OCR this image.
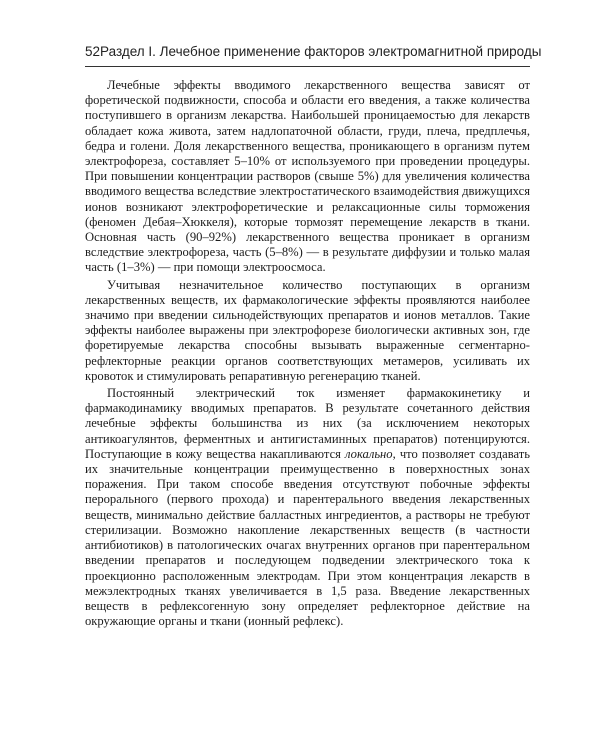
52 Раздел I. Лечебное применение факторов электромагнитной природы

Лечебные эффекты вводимого лекарственного вещества зависят от форетической подвижности, способа и области его введения, а также количества поступившего в организм лекарства. Наибольшей проницаемостью для лекарств обладает кожа живота, затем надлопаточной области, груди, плеча, предплечья, бедра и голени. Доля лекарственного вещества, проникающего в организм путем электрофореза, составляет 5–10% от используемого при проведении процедуры. При повышении концентрации растворов (свыше 5%) для увеличения количества вводимого вещества вследствие электростатического взаимодействия движущихся ионов возникают электрофоретические и релаксационные силы торможения (феномен Дебая–Хюккеля), которые тормозят перемещение лекарств в ткани. Основная часть (90–92%) лекарственного вещества проникает в организм вследствие электрофореза, часть (5–8%) — в результате диффузии и только малая часть (1–3%) — при помощи электроосмоса.

Учитывая незначительное количество поступающих в организм лекарственных веществ, их фармакологические эффекты проявляются наиболее значимо при введении сильнодействующих препаратов и ионов металлов. Такие эффекты наиболее выражены при электрофорезе биологически активных зон, где форетируемые лекарства способны вызывать выраженные сегментарно-рефлекторные реакции органов соответствующих метамеров, усиливать их кровоток и стимулировать репаративную регенерацию тканей.

Постоянный электрический ток изменяет фармакокинетику и фармакодинамику вводимых препаратов. В результате сочетанного действия лечебные эффекты большинства из них (за исключением некоторых антикоагулянтов, ферментных и антигистаминных препаратов) потенцируются. Поступающие в кожу вещества накапливаются локально, что позволяет создавать их значительные концентрации преимущественно в поверхностных зонах поражения. При таком способе введения отсутствуют побочные эффекты перорального (первого прохода) и парентерального введения лекарственных веществ, минимально действие балластных ингредиентов, а растворы не требуют стерилизации. Возможно накопление лекарственных веществ (в частности антибиотиков) в патологических очагах внутренних органов при парентеральном введении препаратов и последующем подведении электрического тока к проекционно расположенным электродам. При этом концентрация лекарств в межэлектродных тканях увеличивается в 1,5 раза. Введение лекарственных веществ в рефлексогенную зону определяет рефлекторное действие на окружающие органы и ткани (ионный рефлекс).
